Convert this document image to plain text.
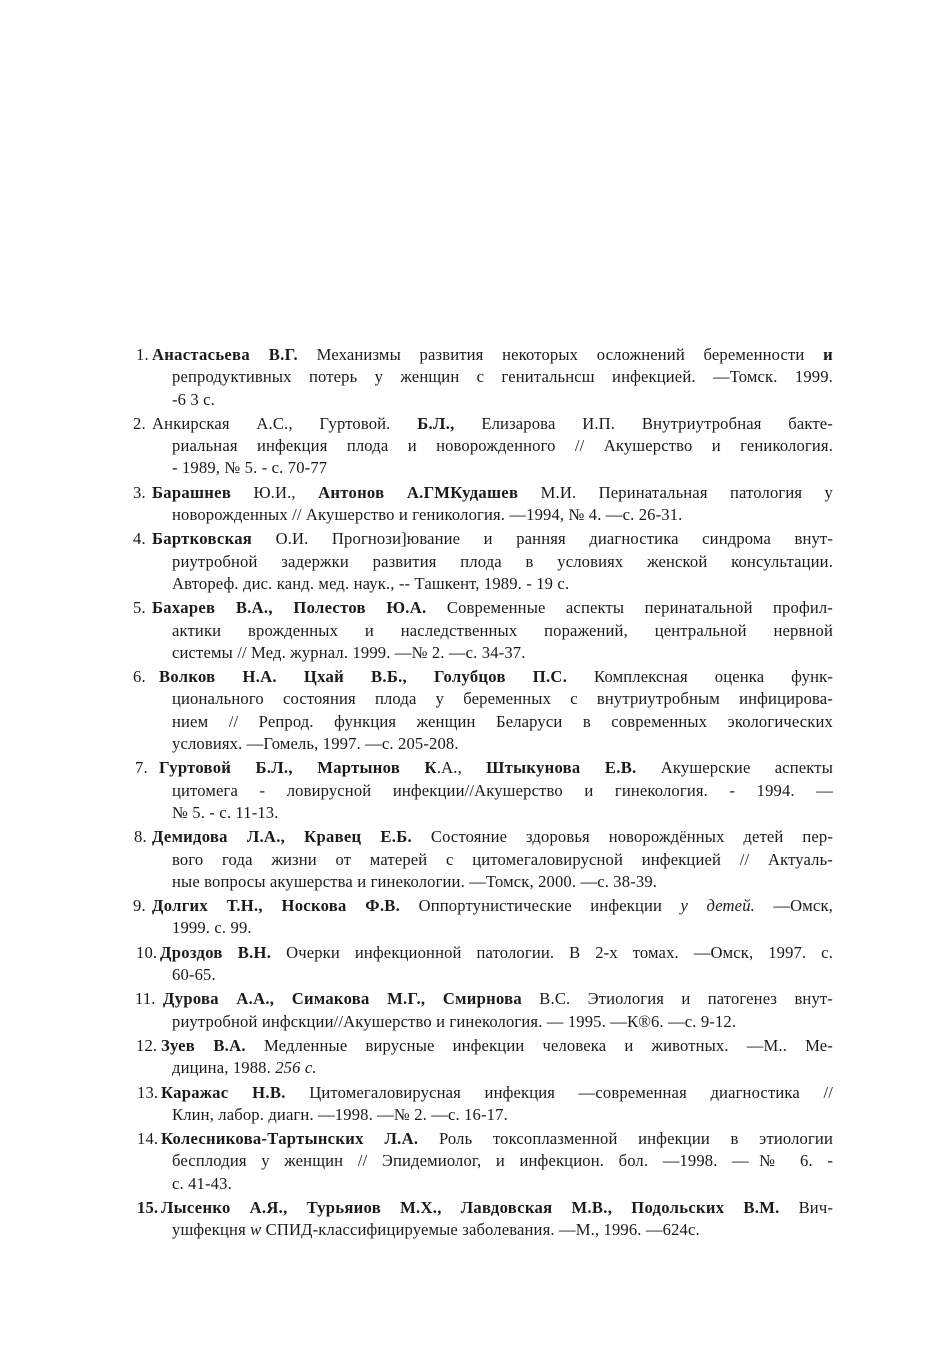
1. Анастасьева В.Г. Механизмы развития некоторых осложнений беременности и
репродуктивных потерь у женщин с генитальнсш инфекцией. —Томск. 1999.
-6 3 с.
2. Анкирская А.С., Гуртовой. Б.Л., Елизарова И.П. Внутриутробная бакте-
риальная инфекция плода и новорожденного // Акушерство и геникология.
- 1989, № 5. - с. 70-77
3. Барашнев Ю.И., Антонов А.ГМКудашев М.И. Перинатальная патология у
новорожденных // Акушерство и геникология. —1994, № 4. —с. 26-31.
4. Бартковская О.И. Прогнози]ювание и ранняя диагностика синдрома внут-
риутробной задержки развития плода в условиях женской консультации.
Автореф. дис. канд. мед. наук., -- Ташкент, 1989. - 19 с.
5. Бахарев В.А., Полестов Ю.А. Современные аспекты перинатальной профил-
актики врожденных и наследственных поражений, центральной нервной
системы // Мед. журнал. 1999. —№ 2. —с. 34-37.
6. Волков Н.А. Цхай В.Б., Голубцов П.С. Комплексная оценка функ-
ционального состояния плода у беременных с внутриутробным инфицирова-
нием // Репрод. функция женщин Беларуси в современных экологических
условиях. —Гомель, 1997. —с. 205-208.
7. Гуртовой Б.Л., Мартынов К.А., Штыкунова Е.В. Акушерские аспекты
цитомега - ловирусной инфекции//Акушерство и гинекология. - 1994. —
№ 5. - с. 11-13.
8. Демидова Л.А., Кравец Е.Б. Состояние здоровья новорождённых детей пер-
вого года жизни от матерей с цитомегаловирусной инфекцией // Актуаль-
ные вопросы акушерства и гинекологии. —Томск, 2000. —с. 38-39.
9. Долгих Т.Н., Носкова Ф.В. Оппортунистические инфекции у детей. —Омск,
1999. с. 99.
10. Дроздов В.Н. Очерки инфекционной патологии. В 2-х томах. —Омск, 1997. с.
60-65.
11. Дурова А.А., Симакова М.Г., Смирнова В.С. Этиология и патогенез внут-
риутробной инфскции//Акушерство и гинекология. — 1995. —К®6. —с. 9-12.
12. Зуев В.А. Медленные вирусные инфекции человека и животных. —М.. Ме-
дицина, 1988. 256 с.
13. Каражас Н.В. Цитомегаловирусная инфекция —современная диагностика //
Клин, лабор. диагн. —1998. —№ 2. —с. 16-17.
14. Колесникова-Тартынских Л.А. Роль токсоплазменной инфекции в этиологии
бесплодия у женщин // Эпидемиолог, и инфекцион. бол. —1998. —№ 6. -
с. 41-43.
15. Лысенко А.Я., Турьяиов М.Х., Лавдовская М.В., Подольских В.М. Вич-
ушфекцня w СПИД-классифицируемые заболевания. —М., 1996. —624с.
